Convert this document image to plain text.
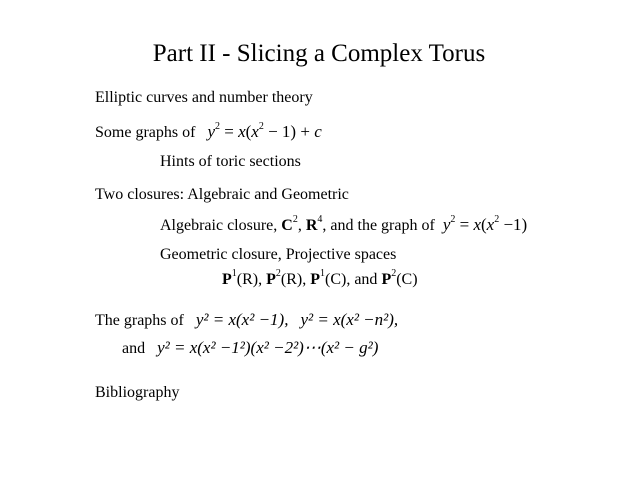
Part II - Slicing a Complex Torus
Elliptic curves and number theory
Some graphs of $y^2 = x(x^2 - 1) + c$
Hints of toric sections
Two closures: Algebraic and Geometric
Algebraic closure, $C^2$, $R^4$, and the graph of $y^2 = x(x^2 -1)$
Geometric closure, Projective spaces
$P^1(R)$, $P^2(R)$, $P^1(C)$, and $P^2(C)$
The graphs of y² = x(x² −1), y² = x(x² −n²),
and y² = x(x² −1²)(x² −2²)⋯(x² − g²)
Bibliography
